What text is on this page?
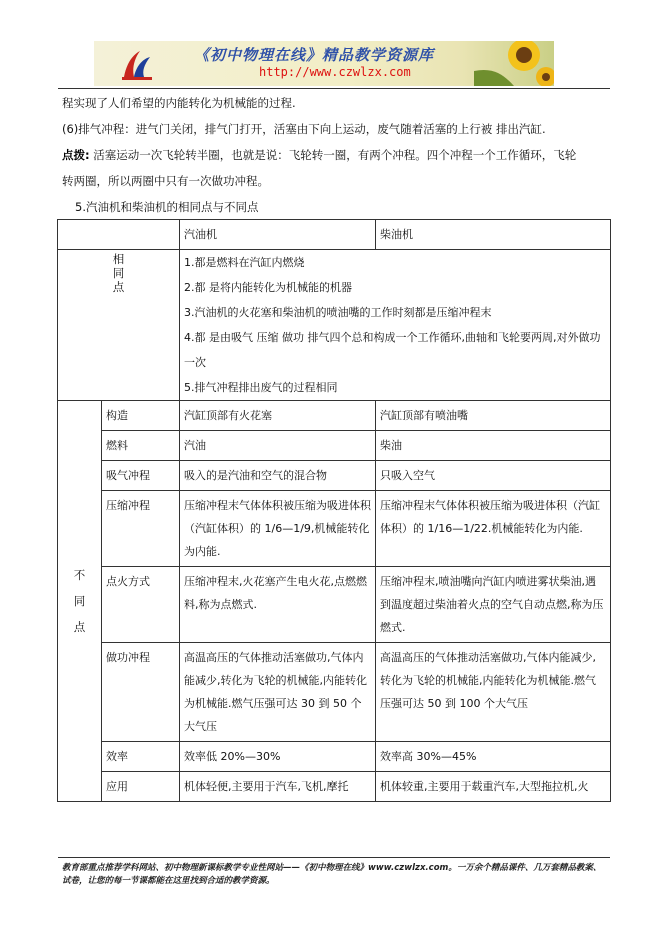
《初中物理在线》精品教学资源库
http://www.czwlzx.com
程实现了人们希望的内能转化为机械能的过程.
(6)排气冲程：进气门关闭，排气门打开，活塞由下向上运动，废气随着活塞的上行被 排出汽缸.
点拨: 活塞运动一次飞轮转半圈，也就是说：飞轮转一圈，有两个冲程。四个冲程一个工作循环，飞轮
转两圈，所以两圈中只有一次做功冲程。
5.汽油机和柴油机的相同点与不同点
		汽油机	柴油机
相同点		1.都是燃料在汽缸内燃烧
2.都 是将内能转化为机械能的机器
3.汽油机的火花塞和柴油机的喷油嘴的工作时刻都是压缩冲程末
4.都 是由吸气 压缩 做功 排气四个总和构成一个工作循环,曲轴和飞轮要两周,对外做功一次
5.排气冲程排出废气的过程相同	

不同点	构造	汽缸顶部有火花塞	汽缸顶部有喷油嘴
	燃料	汽油	柴油
	吸气冲程	吸入的是汽油和空气的混合物	只吸入空气
	压缩冲程	压缩冲程末气体体积被压缩为吸进体积（汽缸体积）的 1/6—1/9,机械能转化为内能.	压缩冲程末气体体积被压缩为吸进体积（汽缸体积）的 1/16—1/22.机械能转化为内能.
	点火方式	压缩冲程末,火花塞产生电火花,点燃燃料,称为点燃式.	压缩冲程末,喷油嘴向汽缸内喷进雾状柴油,遇到温度超过柴油着火点的空气自动点燃,称为压燃式.
	做功冲程	高温高压的气体推动活塞做功,气体内能减少,转化为飞轮的机械能,内能转化为机械能.燃气压强可达 30 到 50 个大气压	高温高压的气体推动活塞做功,气体内能减少,转化为飞轮的机械能,内能转化为机械能.燃气压强可达 50 到 100 个大气压
	效率	效率低 20%—30%	效率高 30%—45%
	应用	机体轻便,主要用于汽车,飞机,摩托	机体较重,主要用于载重汽车,大型拖拉机,火
教育部重点推荐学科网站、初中物理新课标教学专业性网站——《初中物理在线》www.czwlzx.com。一万余个精品课件、几万套精品教案、试卷，让您的每一节课都能在这里找到合适的教学资源。
